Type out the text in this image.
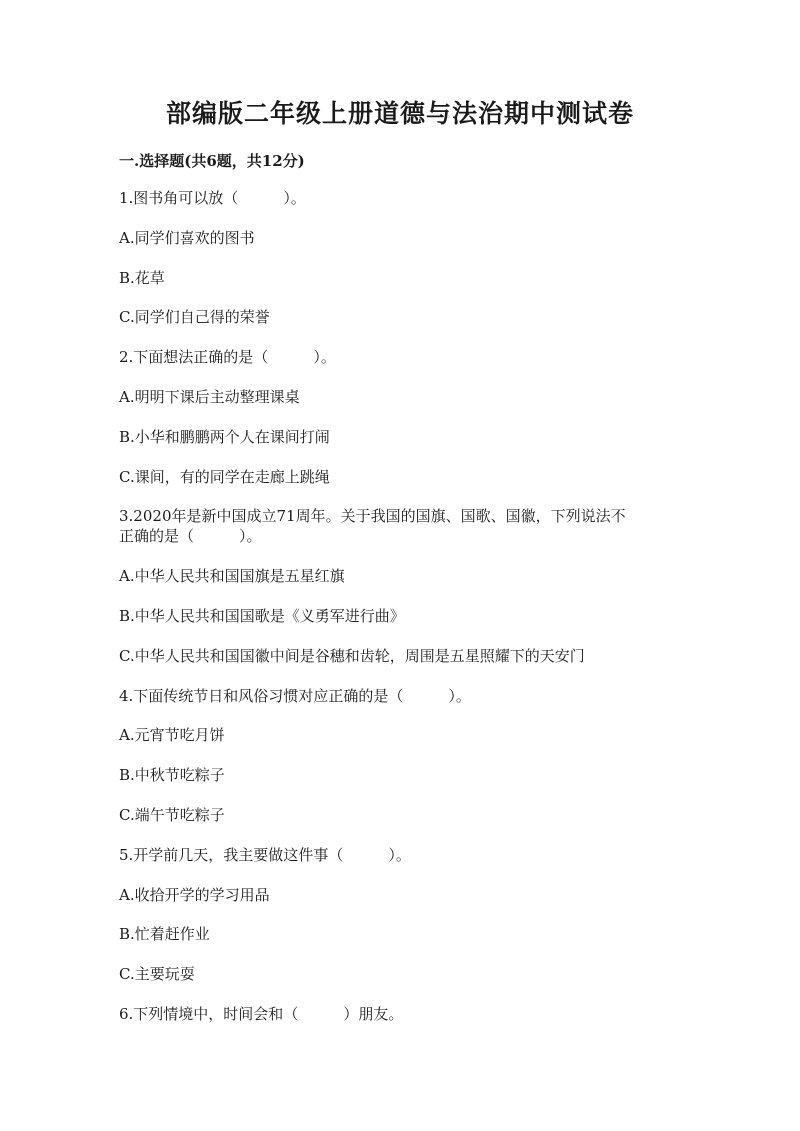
部编版二年级上册道德与法治期中测试卷
一.选择题(共6题，共12分)
1.图书角可以放（　　　）。
A.同学们喜欢的图书
B.花草
C.同学们自己得的荣誉
2.下面想法正确的是（　　　）。
A.明明下课后主动整理课桌
B.小华和鹏鹏两个人在课间打闹
C.课间，有的同学在走廊上跳绳
3.2020年是新中国成立71周年。关于我国的国旗、国歌、国徽，下列说法不
正确的是（　　　）。
A.中华人民共和国国旗是五星红旗
B.中华人民共和国国歌是《义勇军进行曲》
C.中华人民共和国国徽中间是谷穗和齿轮，周围是五星照耀下的天安门
4.下面传统节日和风俗习惯对应正确的是（　　　）。
A.元宵节吃月饼
B.中秋节吃粽子
C.端午节吃粽子
5.开学前几天，我主要做这件事（　　　）。
A.收拾开学的学习用品
B.忙着赶作业
C.主要玩耍
6.下列情境中，时间会和（　　　）朋友。
